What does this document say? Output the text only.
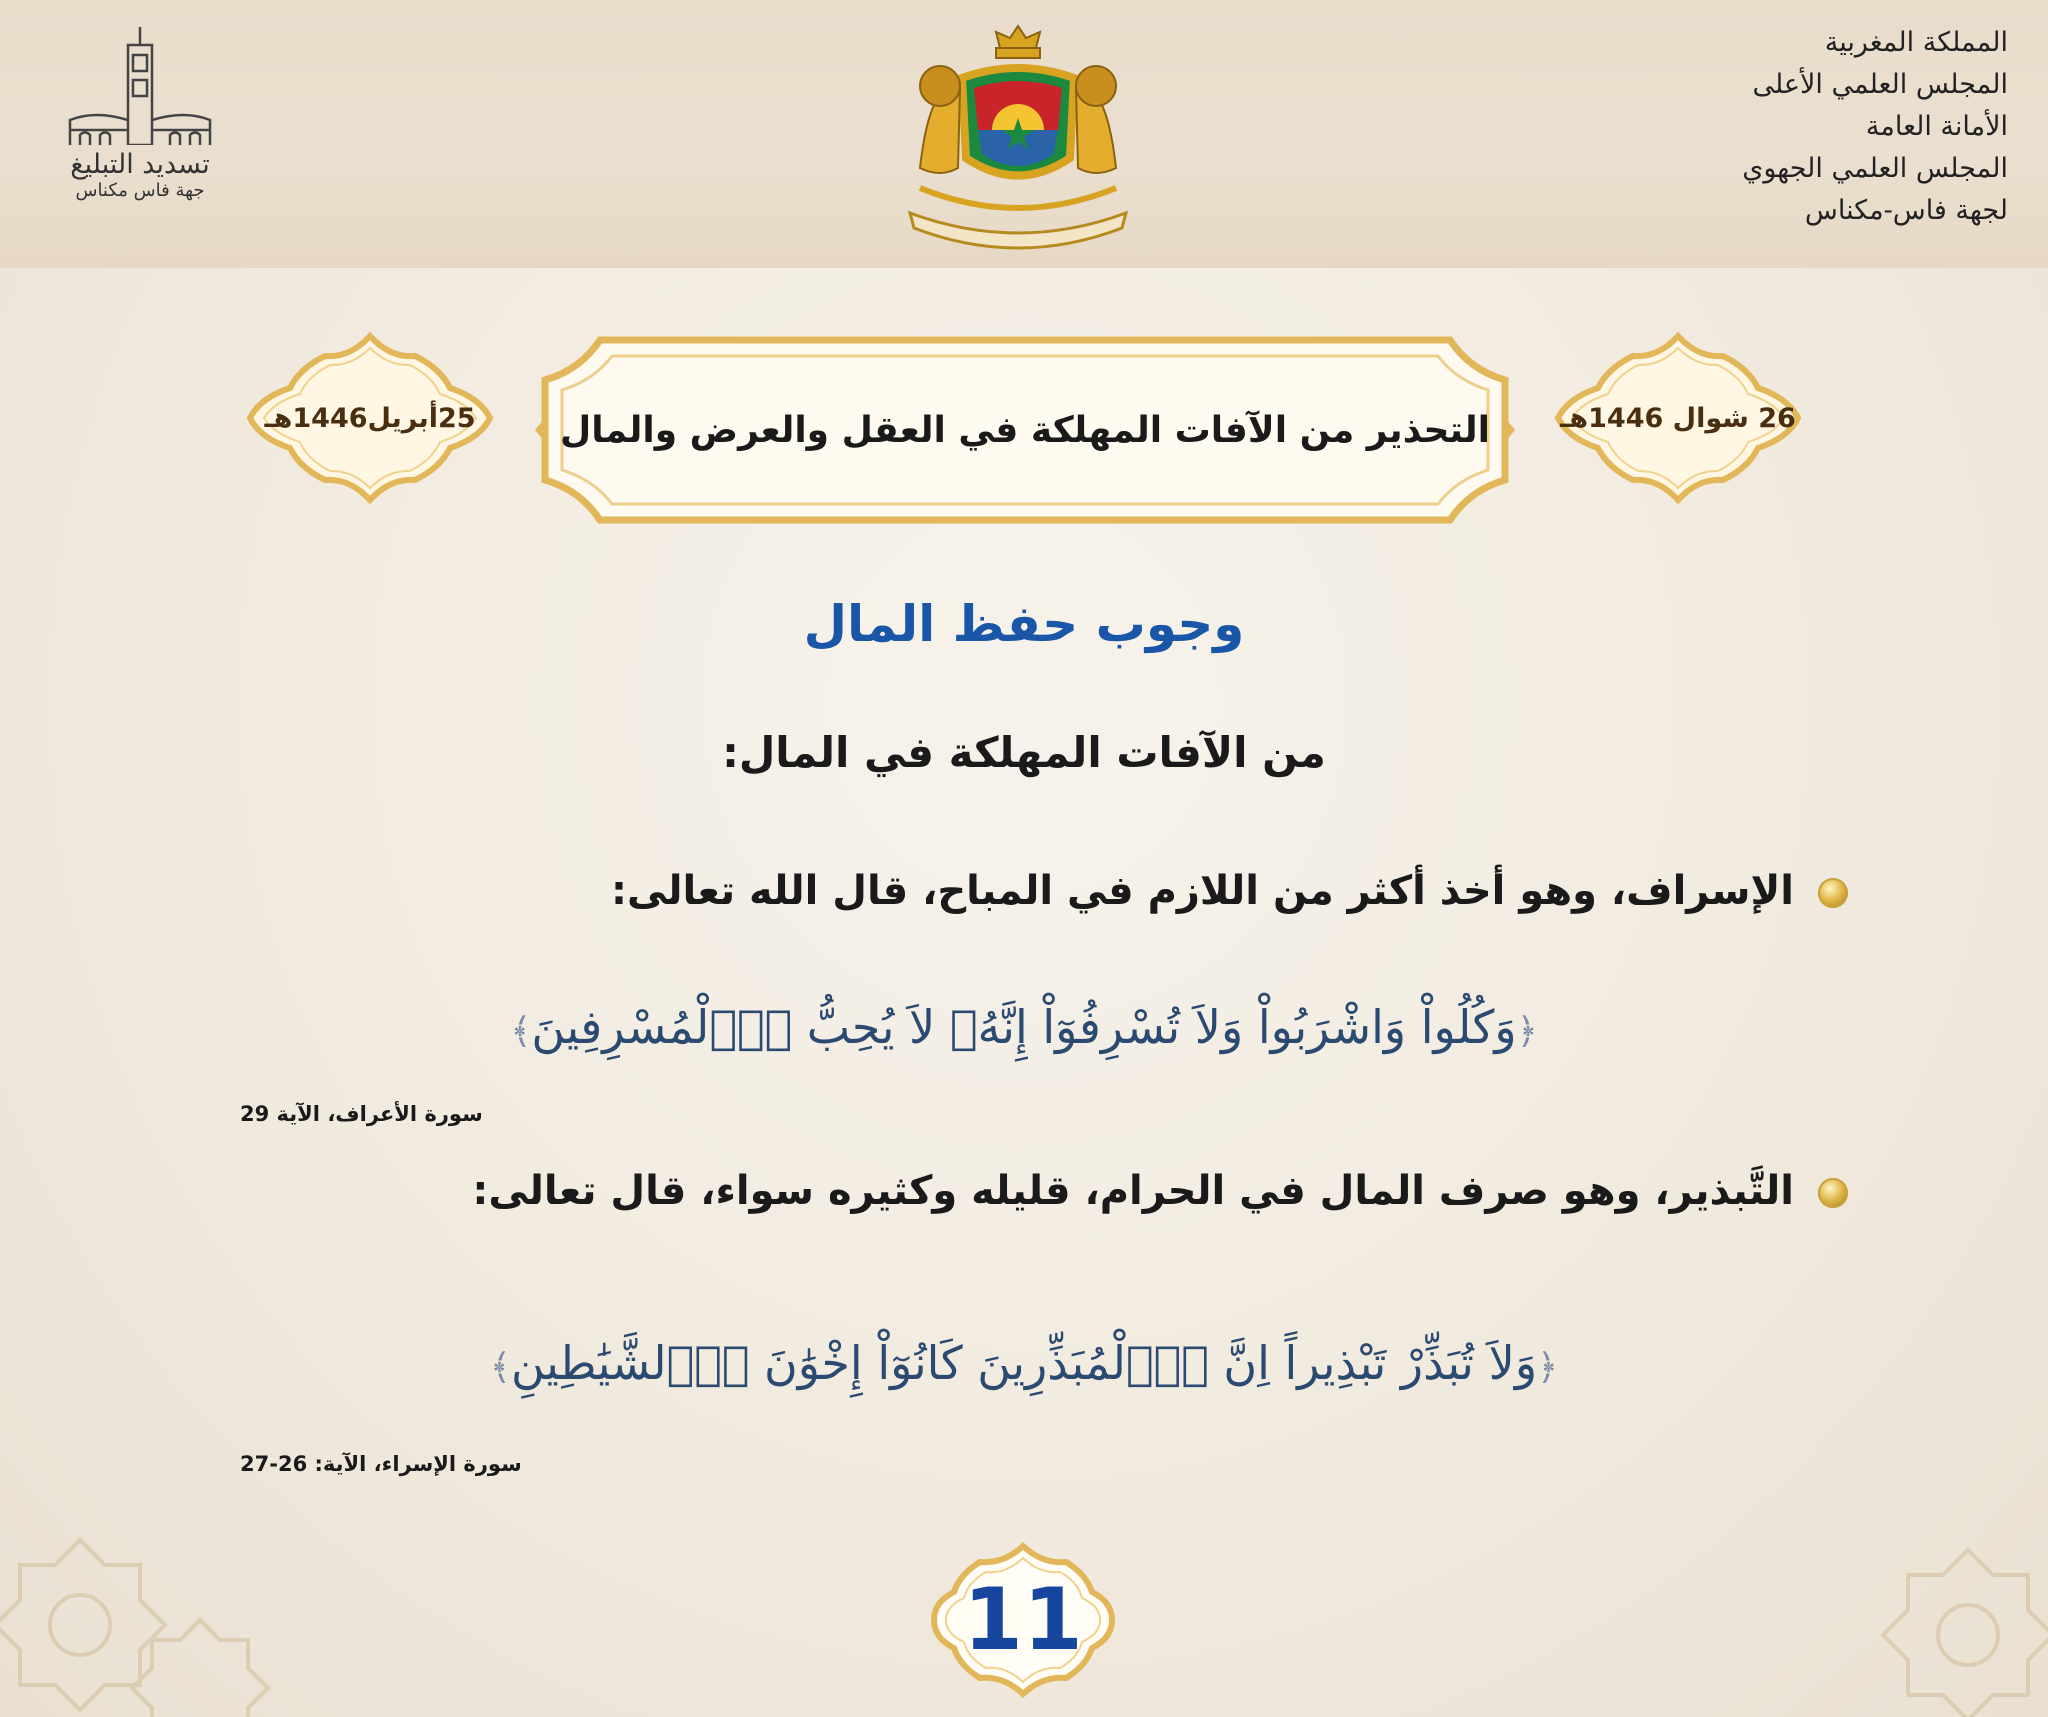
المملكة المغربية
المجلس العلمي الأعلى
الأمانة العامة
المجلس العلمي الجهوي
لجهة فاس-مكناس
تسديد التبليغ
جهة فاس مكناس
26 شوال 1446هـ
25أبريل1446هـ	التحذير من الآفات المهلكة في العقل والعرض والمال
وجوب حفظ المال
من الآفات المهلكة في المال:
الإسراف، وهو أخذ أكثر من اللازم في المباح، قال الله تعالى:
﴿وَكُلُواْ وَاشْرَبُواْ وَلاَ تُسْرِفُوٓاْ إِنَّهُۥ لاَ يُحِبُّ اُ۬لْمُسْرِفِينَ﴾
سورة الأعراف، الآية 29
التَّبذير، وهو صرف المال في الحرام، قليله وكثيره سواء، قال تعالى:
﴿وَلاَ تُبَذِّرْ تَبْذِيراً اِنَّ اَ۬لْمُبَذِّرِينَ كَانُوٓاْ إِخْوَٰنَ اَ۬لشَّيَٰطِينِ﴾
سورة الإسراء، الآية: 26-27
11
